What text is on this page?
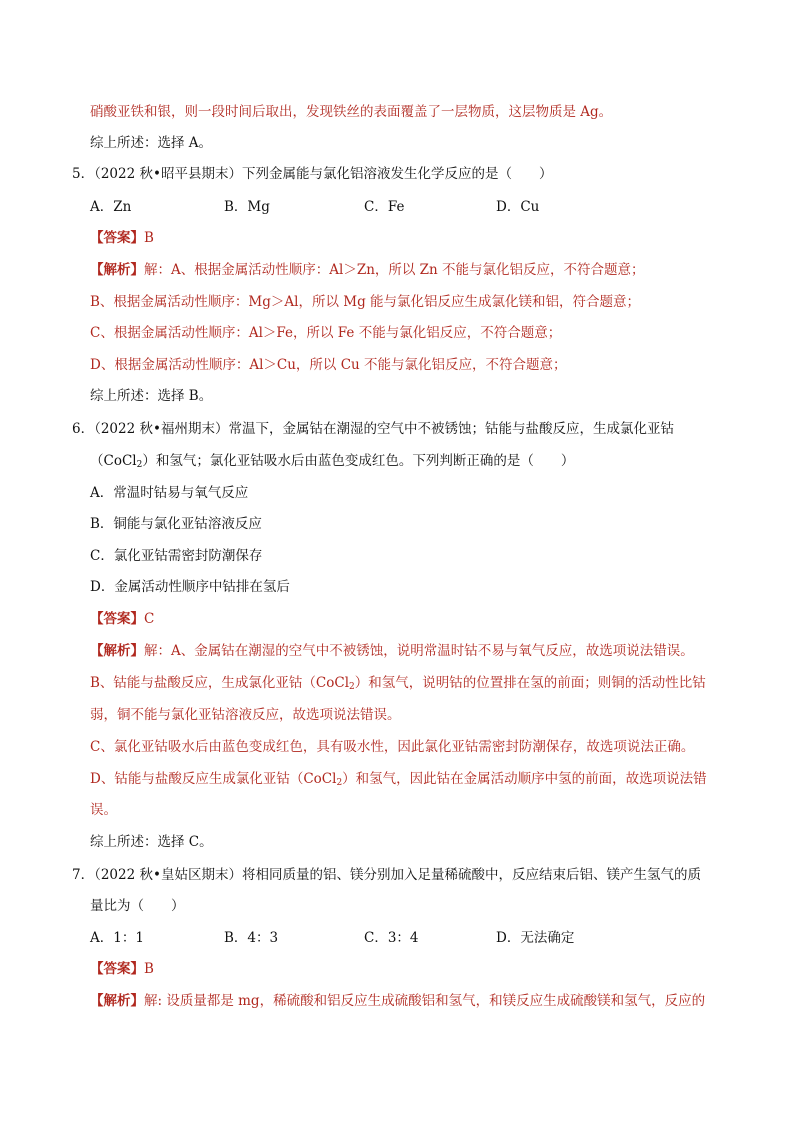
硝酸亚铁和银，则一段时间后取出，发现铁丝的表面覆盖了一层物质，这层物质是 Ag。
综上所述：选择 A。
5．（2022 秋•昭平县期末）下列金属能与氯化铝溶液发生化学反应的是（　　）
A．Zn	B．Mg	C．Fe	D．Cu
【答案】B
【解析】解：A、根据金属活动性顺序：Al＞Zn，所以 Zn 不能与氯化铝反应，不符合题意；
B、根据金属活动性顺序：Mg＞Al，所以 Mg 能与氯化铝反应生成氯化镁和铝，符合题意；
C、根据金属活动性顺序：Al＞Fe，所以 Fe 不能与氯化铝反应，不符合题意；
D、根据金属活动性顺序：Al＞Cu，所以 Cu 不能与氯化铝反应，不符合题意；
综上所述：选择 B。
6．（2022 秋•福州期末）常温下，金属钴在潮湿的空气中不被锈蚀；钴能与盐酸反应，生成氯化亚钴
（CoCl$_2$）和氢气；氯化亚钴吸水后由蓝色变成红色。下列判断正确的是（　　）
A．常温时钴易与氧气反应
B．铜能与氯化亚钴溶液反应
C．氯化亚钴需密封防潮保存
D．金属活动性顺序中钴排在氢后
【答案】C
【解析】解：A、金属钴在潮湿的空气中不被锈蚀，说明常温时钴不易与氧气反应，故选项说法错误。
B、钴能与盐酸反应，生成氯化亚钴（CoCl$_2$）和氢气，说明钴的位置排在氢的前面；则铜的活动性比钴
弱，铜不能与氯化亚钴溶液反应，故选项说法错误。
C、氯化亚钴吸水后由蓝色变成红色，具有吸水性，因此氯化亚钴需密封防潮保存，故选项说法正确。
D、钴能与盐酸反应生成氯化亚钴（CoCl$_2$）和氢气，因此钴在金属活动顺序中氢的前面，故选项说法错
误。
综上所述：选择 C。
7．（2022 秋•皇姑区期末）将相同质量的铝、镁分别加入足量稀硫酸中，反应结束后铝、镁产生氢气的质
量比为（　　）
A．1：1	B．4：3	C．3：4	D．无法确定
【答案】B
【解析】解: 设质量都是 mg，稀硫酸和铝反应生成硫酸铝和氢气，和镁反应生成硫酸镁和氢气，反应的
